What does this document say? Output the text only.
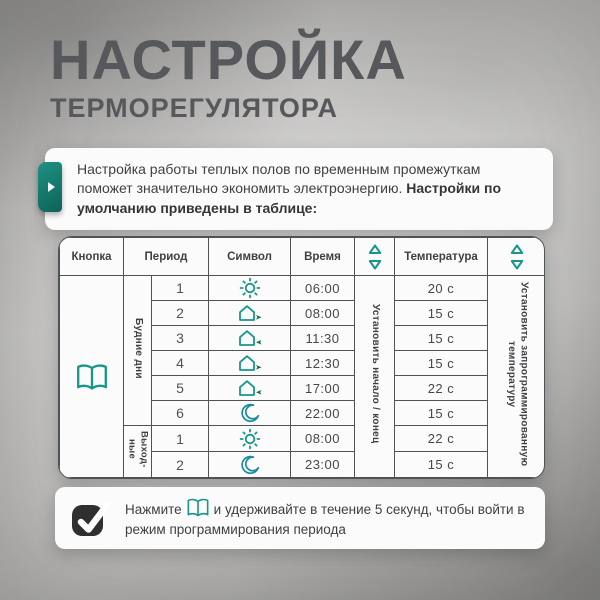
НАСТРОЙКА
ТЕРМОРЕГУЛЯТОРА
Настройка работы теплых полов по временным промежуткам поможет значительно экономить электроэнергию. Настройки по умолчанию приведены в таблице:
Кнопка	Период		Символ	Время		Температура	

	Будние дни	1		06:00	Установить начало / конец	20 с	Установить запрограммированную температуру
		2		08:00		15 с	
		3		11:30		15 с	
		4		12:30		15 с	
		5		17:00		22 с	
		6		22:00		15 с	
	Выход-ные	1		08:00		22 с	
		2		23:00		15 с	
Нажмите и удерживайте в течение 5 секунд, чтобы войти в режим программирования периода
